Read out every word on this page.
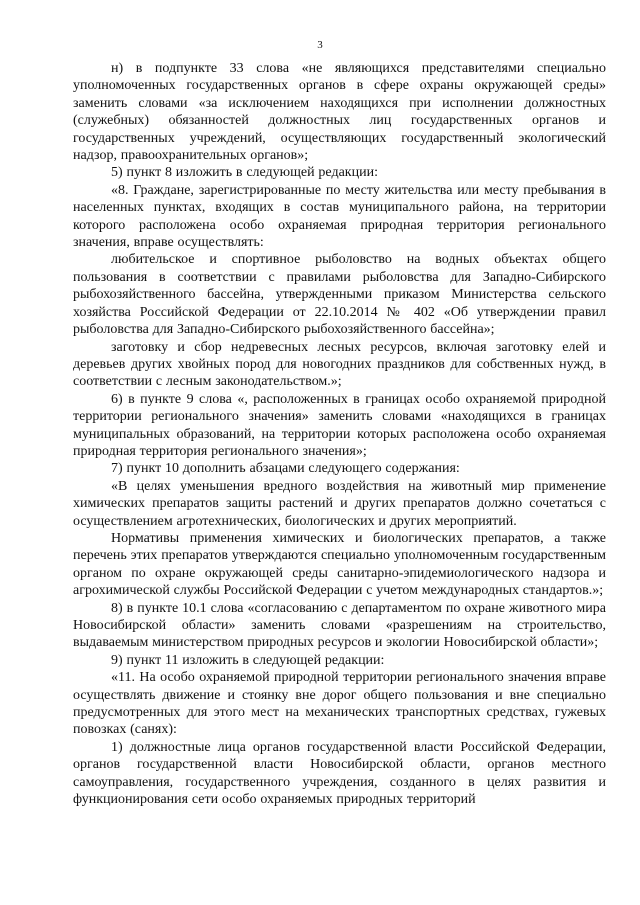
3

н) в подпункте 33 слова «не являющихся представителями специально уполномоченных государственных органов в сфере охраны окружающей среды» заменить словами «за исключением находящихся при исполнении должностных (служебных) обязанностей должностных лиц государственных органов и государственных учреждений, осуществляющих государственный экологический надзор, правоохранительных органов»;

5) пункт 8 изложить в следующей редакции:

«8. Граждане, зарегистрированные по месту жительства или месту пребывания в населенных пунктах, входящих в состав муниципального района, на территории которого расположена особо охраняемая природная территория регионального значения, вправе осуществлять:

любительское и спортивное рыболовство на водных объектах общего пользования в соответствии с правилами рыболовства для Западно-Сибирского рыбохозяйственного бассейна, утвержденными приказом Министерства сельского хозяйства Российской Федерации от 22.10.2014 № 402 «Об утверждении правил рыболовства для Западно-Сибирского рыбохозяйственного бассейна»;

заготовку и сбор недревесных лесных ресурсов, включая заготовку елей и деревьев других хвойных пород для новогодних праздников для собственных нужд, в соответствии с лесным законодательством.»;

6) в пункте 9 слова «, расположенных в границах особо охраняемой природной территории регионального значения» заменить словами «находящихся в границах муниципальных образований, на территории которых расположена особо охраняемая природная территория регионального значения»;

7) пункт 10 дополнить абзацами следующего содержания:

«В целях уменьшения вредного воздействия на животный мир применение химических препаратов защиты растений и других препаратов должно сочетаться с осуществлением агротехнических, биологических и других мероприятий.

Нормативы применения химических и биологических препаратов, а также перечень этих препаратов утверждаются специально уполномоченным государственным органом по охране окружающей среды санитарно-эпидемиологического надзора и агрохимической службы Российской Федерации с учетом международных стандартов.»;

8) в пункте 10.1 слова «согласованию с департаментом по охране животного мира Новосибирской области» заменить словами «разрешениям на строительство, выдаваемым министерством природных ресурсов и экологии Новосибирской области»;

9) пункт 11 изложить в следующей редакции:

«11. На особо охраняемой природной территории регионального значения вправе осуществлять движение и стоянку вне дорог общего пользования и вне специально предусмотренных для этого мест на механических транспортных средствах, гужевых повозках (санях):

1) должностные лица органов государственной власти Российской Федерации, органов государственной власти Новосибирской области, органов местного самоуправления, государственного учреждения, созданного в целях развития и функционирования сети особо охраняемых природных территорий
